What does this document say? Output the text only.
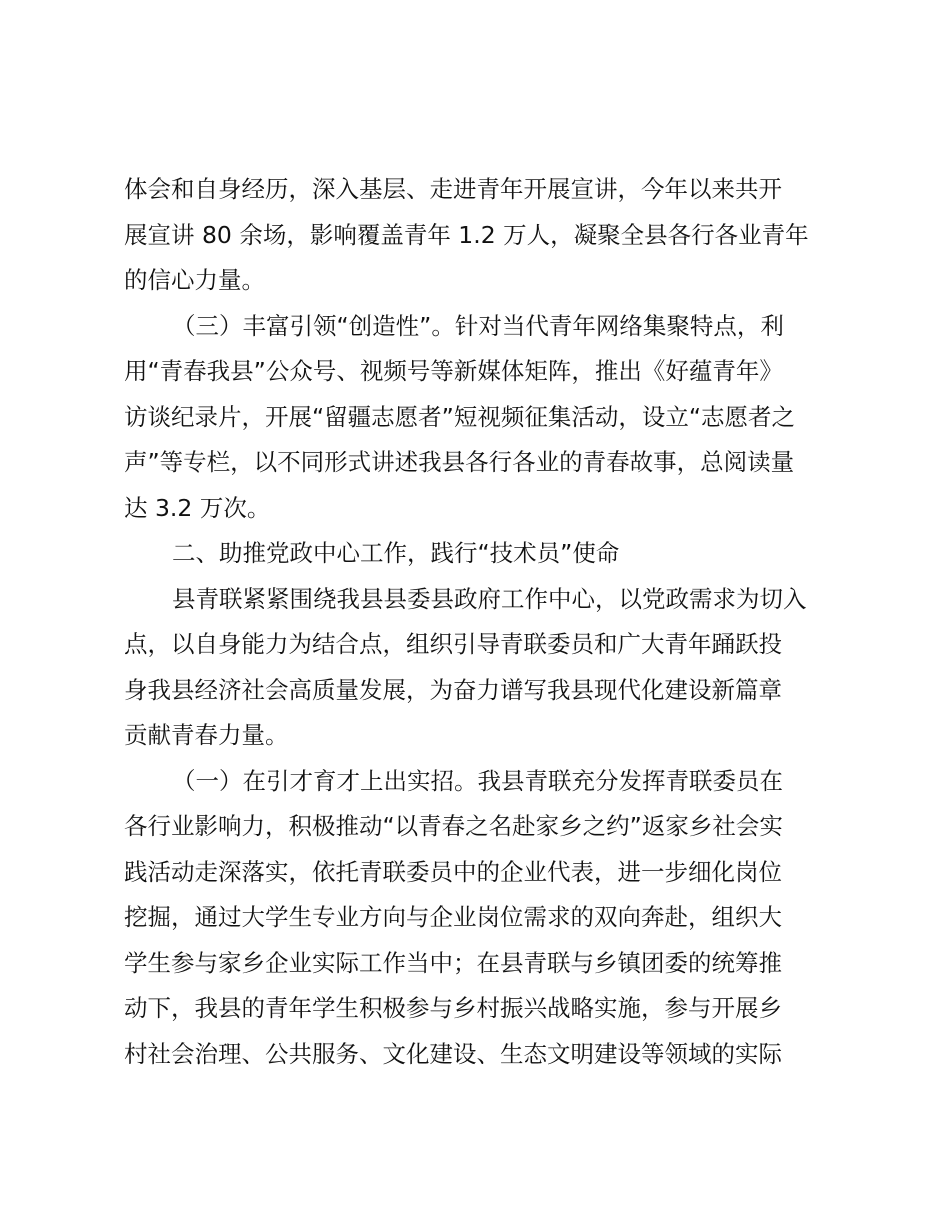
体会和自身经历，深入基层、走进青年开展宣讲，今年以来共开
展宣讲 80 余场，影响覆盖青年 1.2 万人，凝聚全县各行各业青年
的信心力量。
（三）丰富引领“创造性”。针对当代青年网络集聚特点，利
用“青春我县”公众号、视频号等新媒体矩阵，推出《好蕴青年》
访谈纪录片，开展“留疆志愿者”短视频征集活动，设立“志愿者之
声”等专栏，以不同形式讲述我县各行各业的青春故事，总阅读量
达 3.2 万次。
二、助推党政中心工作，践行“技术员”使命
县青联紧紧围绕我县县委县政府工作中心，以党政需求为切入
点，以自身能力为结合点，组织引导青联委员和广大青年踊跃投
身我县经济社会高质量发展，为奋力谱写我县现代化建设新篇章
贡献青春力量。
（一）在引才育才上出实招。我县青联充分发挥青联委员在
各行业影响力，积极推动“以青春之名赴家乡之约”返家乡社会实
践活动走深落实，依托青联委员中的企业代表，进一步细化岗位
挖掘，通过大学生专业方向与企业岗位需求的双向奔赴，组织大
学生参与家乡企业实际工作当中；在县青联与乡镇团委的统筹推
动下，我县的青年学生积极参与乡村振兴战略实施，参与开展乡
村社会治理、公共服务、文化建设、生态文明建设等领域的实际
